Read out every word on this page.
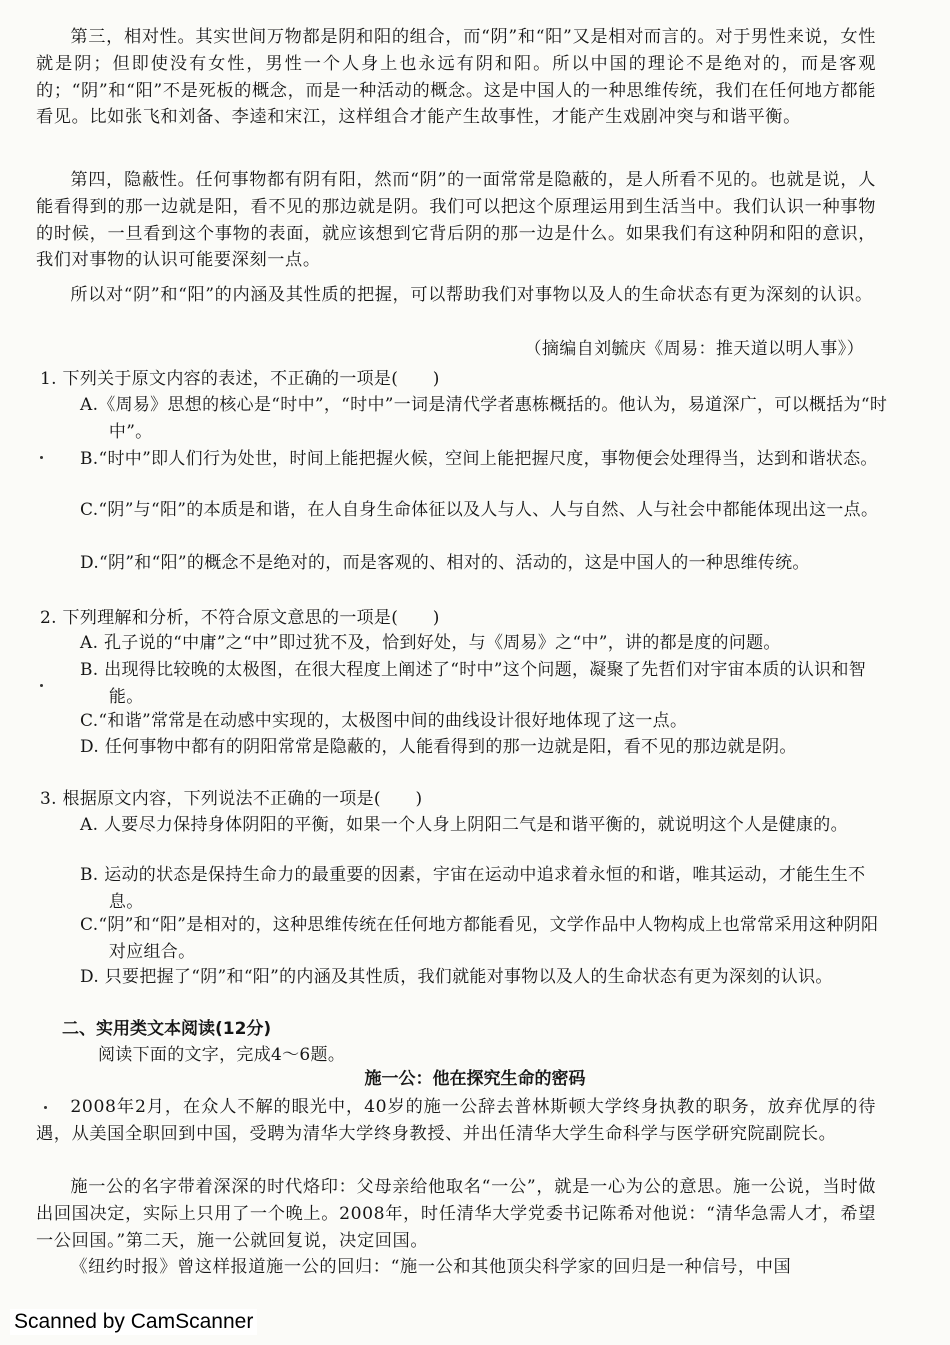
第三，相对性。其实世间万物都是阴和阳的组合，而“阴”和“阳”又是相对而言的。对于男性来说，女性就是阴；但即使没有女性，男性一个人身上也永远有阴和阳。所以中国的理论不是绝对的，而是客观的；“阴”和“阳”不是死板的概念，而是一种活动的概念。这是中国人的一种思维传统，我们在任何地方都能看见。比如张飞和刘备、李逵和宋江，这样组合才能产生故事性，才能产生戏剧冲突与和谐平衡。

第四，隐蔽性。任何事物都有阴有阳，然而“阴”的一面常常是隐蔽的，是人所看不见的。也就是说，人能看得到的那一边就是阳，看不见的那边就是阴。我们可以把这个原理运用到生活当中。我们认识一种事物的时候，一旦看到这个事物的表面，就应该想到它背后阴的那一边是什么。如果我们有这种阴和阳的意识，我们对事物的认识可能要深刻一点。

所以对“阴”和“阳”的内涵及其性质的把握，可以帮助我们对事物以及人的生命状态有更为深刻的认识。

（摘编自刘毓庆《周易：推天道以明人事》）

1. 下列关于原文内容的表述，不正确的一项是(　　)

A.《周易》思想的核心是“时中”，“时中”一词是清代学者惠栋概括的。他认为，易道深广，可以概括为“时中”。

B.“时中”即人们行为处世，时间上能把握火候，空间上能把握尺度，事物便会处理得当，达到和谐状态。

C.“阴”与“阳”的本质是和谐，在人自身生命体征以及人与人、人与自然、人与社会中都能体现出这一点。

D.“阴”和“阳”的概念不是绝对的，而是客观的、相对的、活动的，这是中国人的一种思维传统。

2. 下列理解和分析，不符合原文意思的一项是(　　)

A. 孔子说的“中庸”之“中”即过犹不及，恰到好处，与《周易》之“中”，讲的都是度的问题。

B. 出现得比较晚的太极图，在很大程度上阐述了“时中”这个问题，凝聚了先哲们对宇宙本质的认识和智能。

C.“和谐”常常是在动感中实现的，太极图中间的曲线设计很好地体现了这一点。

D. 任何事物中都有的阴阳常常是隐蔽的，人能看得到的那一边就是阳，看不见的那边就是阴。

3. 根据原文内容，下列说法不正确的一项是(　　)

A. 人要尽力保持身体阴阳的平衡，如果一个人身上阴阳二气是和谐平衡的，就说明这个人是健康的。

B. 运动的状态是保持生命力的最重要的因素，宇宙在运动中追求着永恒的和谐，唯其运动，才能生生不息。

C.“阴”和“阳”是相对的，这种思维传统在任何地方都能看见，文学作品中人物构成上也常常采用这种阴阳对应组合。

D. 只要把握了“阴”和“阳”的内涵及其性质，我们就能对事物以及人的生命状态有更为深刻的认识。

二、实用类文本阅读(12分)

阅读下面的文字，完成4～6题。

施一公：他在探究生命的密码

2008年2月，在众人不解的眼光中，40岁的施一公辞去普林斯顿大学终身执教的职务，放弃优厚的待遇，从美国全职回到中国，受聘为清华大学终身教授、并出任清华大学生命科学与医学研究院副院长。

施一公的名字带着深深的时代烙印：父母亲给他取名“一公”，就是一心为公的意思。施一公说，当时做出回国决定，实际上只用了一个晚上。2008年，时任清华大学党委书记陈希对他说：“清华急需人才，希望一公回国。”第二天，施一公就回复说，决定回国。

《纽约时报》曾这样报道施一公的回归：“施一公和其他顶尖科学家的回归是一种信号，中国

Scanned by CamScanner
